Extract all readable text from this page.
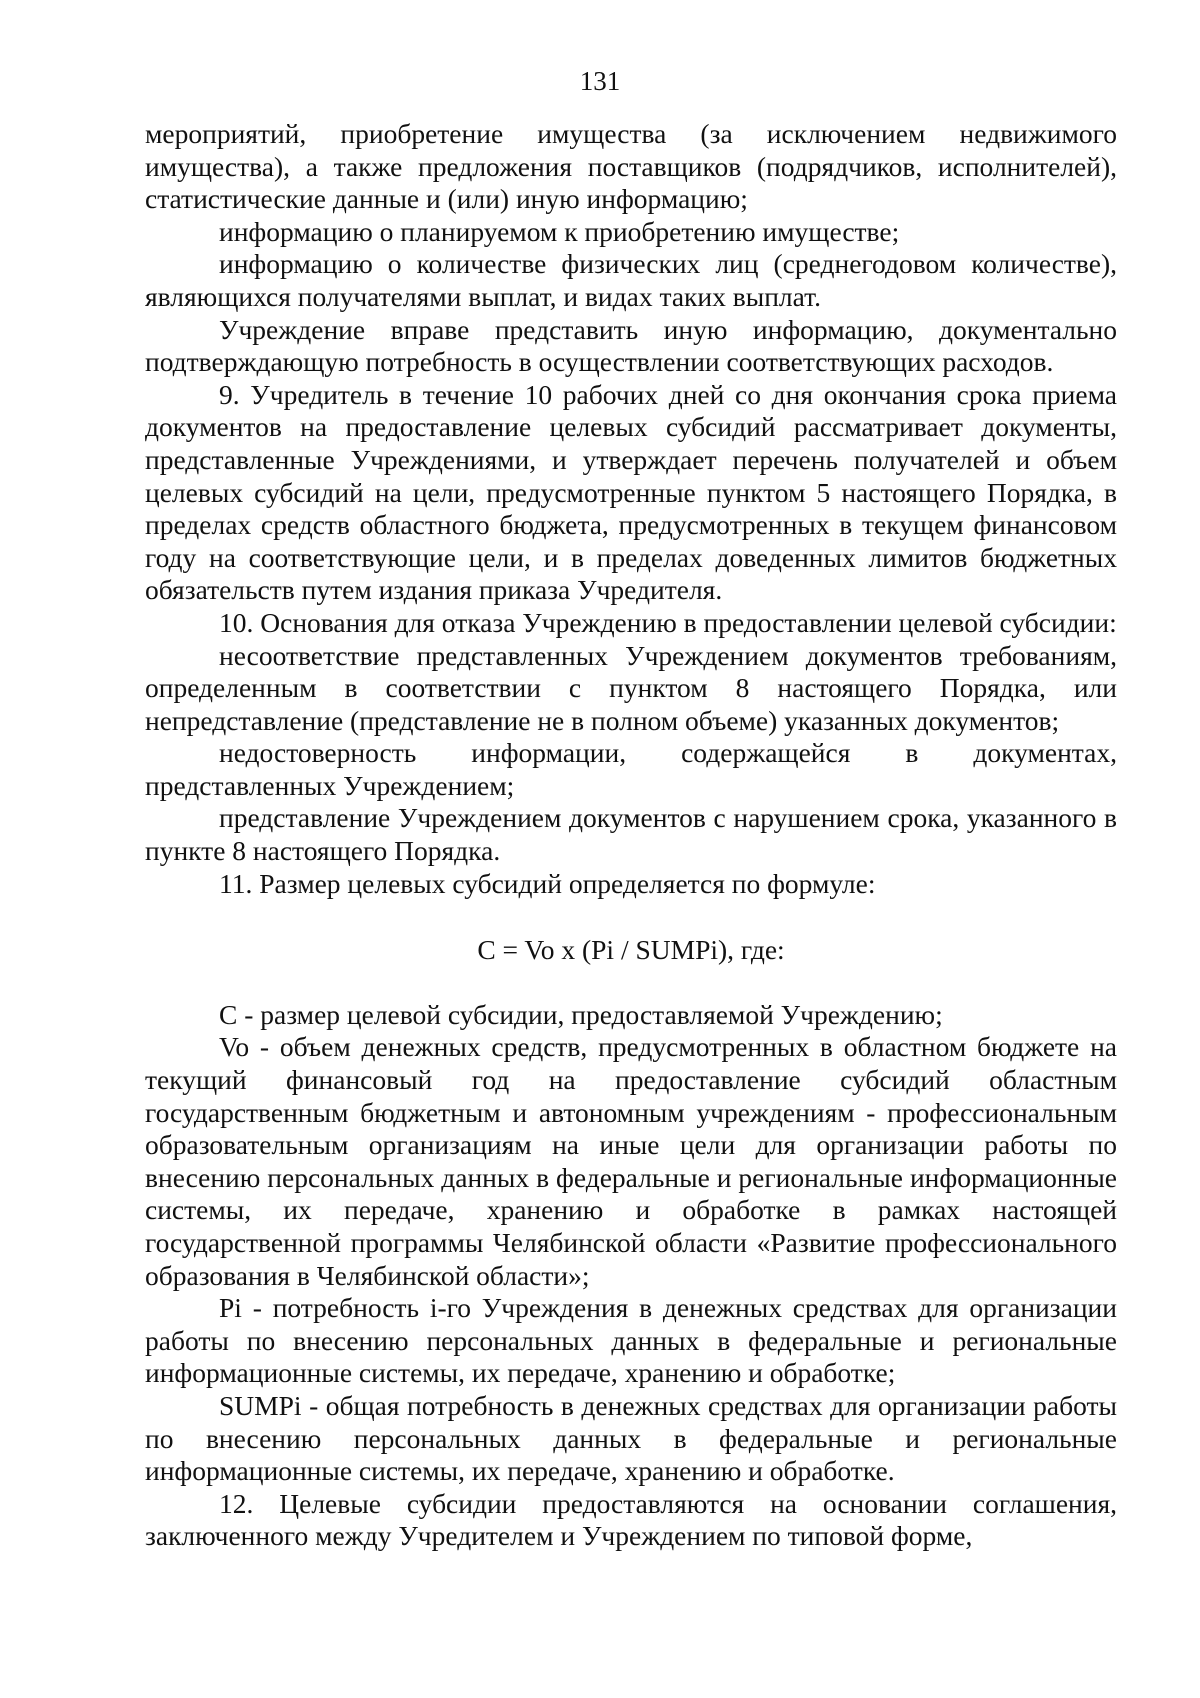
131

мероприятий, приобретение имущества (за исключением недвижимого имущества), а также предложения поставщиков (подрядчиков, исполнителей), статистические данные и (или) иную информацию;

информацию о планируемом к приобретению имуществе;

информацию о количестве физических лиц (среднегодовом количестве), являющихся получателями выплат, и видах таких выплат.

Учреждение вправе представить иную информацию, документально подтверждающую потребность в осуществлении соответствующих расходов.

9. Учредитель в течение 10 рабочих дней со дня окончания срока приема документов на предоставление целевых субсидий рассматривает документы, представленные Учреждениями, и утверждает перечень получателей и объем целевых субсидий на цели, предусмотренные пунктом 5 настоящего Порядка, в пределах средств областного бюджета, предусмотренных в текущем финансовом году на соответствующие цели, и в пределах доведенных лимитов бюджетных обязательств путем издания приказа Учредителя.

10. Основания для отказа Учреждению в предоставлении целевой субсидии:

несоответствие представленных Учреждением документов требованиям, определенным в соответствии с пунктом 8 настоящего Порядка, или непредставление (представление не в полном объеме) указанных документов;

недостоверность информации, содержащейся в документах, представленных Учреждением;

представление Учреждением документов с нарушением срока, указанного в пункте 8 настоящего Порядка.

11. Размер целевых субсидий определяется по формуле:

C = Vo x (Pi / SUMPi), где:

C - размер целевой субсидии, предоставляемой Учреждению;

Vo - объем денежных средств, предусмотренных в областном бюджете на текущий финансовый год на предоставление субсидий областным государственным бюджетным и автономным учреждениям - профессиональным образовательным организациям на иные цели для организации работы по внесению персональных данных в федеральные и региональные информационные системы, их передаче, хранению и обработке в рамках настоящей государственной программы Челябинской области «Развитие профессионального образования в Челябинской области»;

Pi - потребность i-го Учреждения в денежных средствах для организации работы по внесению персональных данных в федеральные и региональные информационные системы, их передаче, хранению и обработке;

SUMPi - общая потребность в денежных средствах для организации работы по внесению персональных данных в федеральные и региональные информационные системы, их передаче, хранению и обработке.

12. Целевые субсидии предоставляются на основании соглашения, заключенного между Учредителем и Учреждением по типовой форме,
